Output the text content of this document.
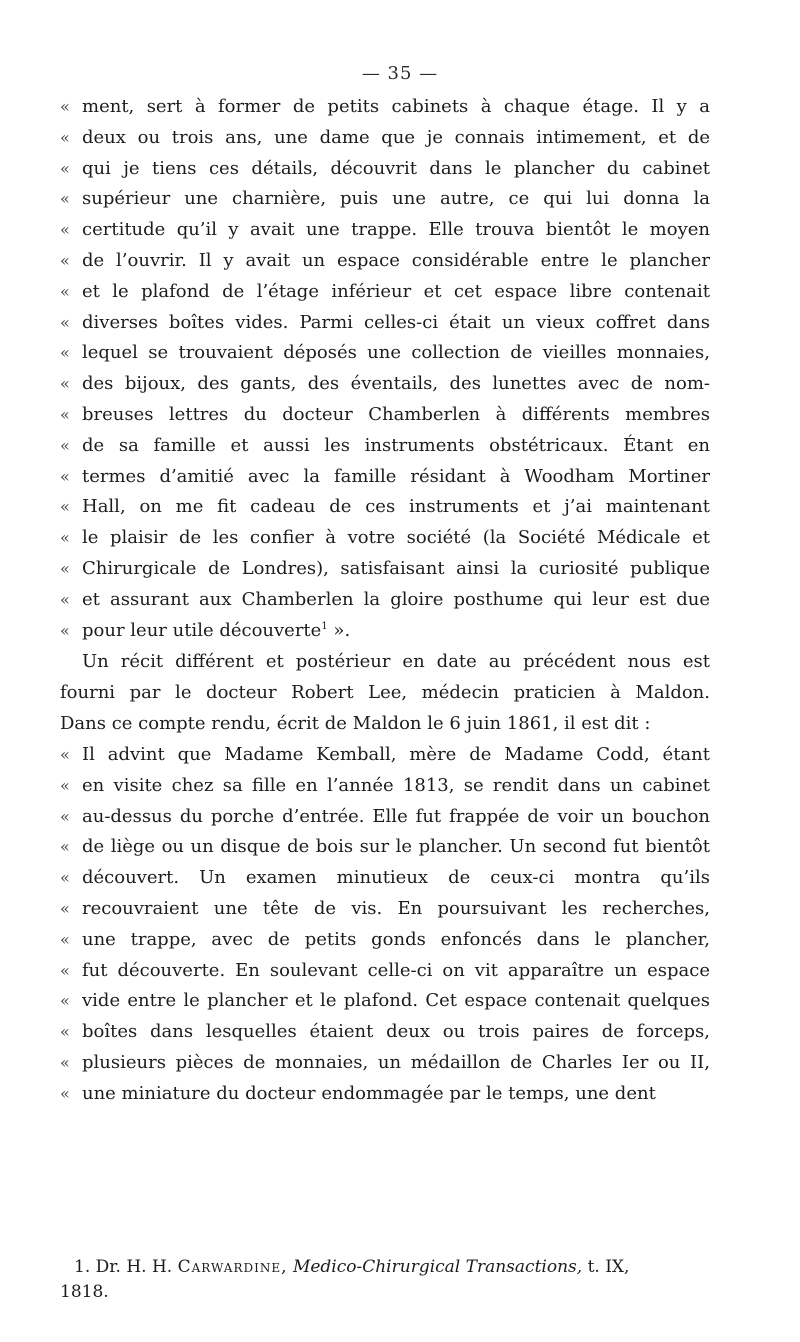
— 35 —
« ment, sert à former de petits cabinets à chaque étage. Il y a
« deux ou trois ans, une dame que je connais intimement, et de
« qui je tiens ces détails, découvrit dans le plancher du cabinet
« supérieur une charnière, puis une autre, ce qui lui donna la
« certitude qu’il y avait une trappe. Elle trouva bientôt le moyen
« de l’ouvrir. Il y avait un espace considérable entre le plancher
« et le plafond de l’étage inférieur et cet espace libre contenait
« diverses boîtes vides. Parmi celles-ci était un vieux coffret dans
« lequel se trouvaient déposés une collection de vieilles monnaies,
« des bijoux, des gants, des éventails, des lunettes avec de nom-
« breuses lettres du docteur Chamberlen à différents membres
« de sa famille et aussi les instruments obstétricaux. Étant en
« termes d’amitié avec la famille résidant à Woodham Mortiner
« Hall, on me fit cadeau de ces instruments et j’ai maintenant
« le plaisir de les confier à votre société (la Société Médicale et
« Chirurgicale de Londres), satisfaisant ainsi la curiosité publique
« et assurant aux Chamberlen la gloire posthume qui leur est due
« pour leur utile découverte$^1$ ».
Un récit différent et postérieur en date au précédent nous est
fourni par le docteur Robert Lee, médecin praticien à Maldon.
Dans ce compte rendu, écrit de Maldon le 6 juin 1861, il est dit :
« Il advint que Madame Kemball, mère de Madame Codd, étant
« en visite chez sa fille en l’année 1813, se rendit dans un cabinet
« au-dessus du porche d’entrée. Elle fut frappée de voir un bouchon
« de liège ou un disque de bois sur le plancher. Un second fut bientôt
« découvert. Un examen minutieux de ceux-ci montra qu’ils
« recouvraient une tête de vis. En poursuivant les recherches,
« une trappe, avec de petits gonds enfoncés dans le plancher,
« fut découverte. En soulevant celle-ci on vit apparaître un espace
« vide entre le plancher et le plafond. Cet espace contenait quelques
« boîtes dans lesquelles étaient deux ou trois paires de forceps,
« plusieurs pièces de monnaies, un médaillon de Charles Ier ou II,
« une miniature du docteur endommagée par le temps, une dent
1.
Dr. H. H.
Carwardine,
Medico-Chirurgical Transactions,
t. IX,
1818.
